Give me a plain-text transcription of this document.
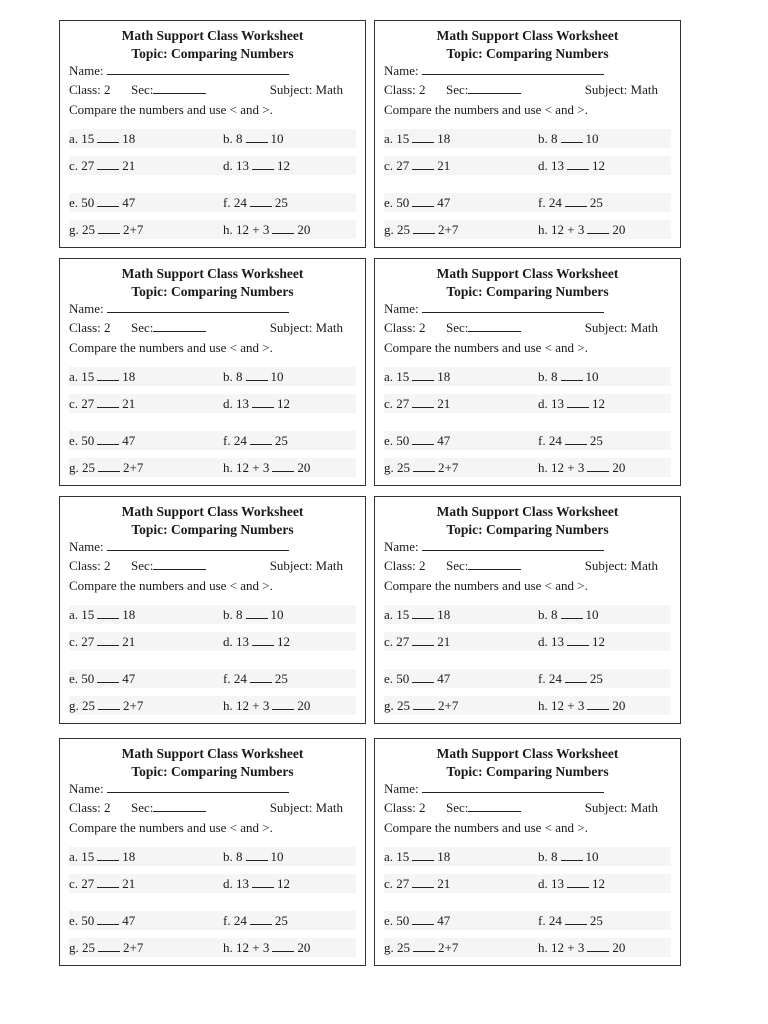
Math Support Class Worksheet
Topic: Comparing Numbers
Name:
Class: 2 Sec:	Subject: Math
Compare the numbers and use < and >.
a. 15 18	b. 8 10
c. 27 21	d. 13 12
e. 50 47	f. 24 25
g. 25 2+7	h. 12 + 3 20
Math Support Class Worksheet
Topic: Comparing Numbers
Name:
Class: 2 Sec:	Subject: Math
Compare the numbers and use < and >.
a. 15 18	b. 8 10
c. 27 21	d. 13 12
e. 50 47	f. 24 25
g. 25 2+7	h. 12 + 3 20
Math Support Class Worksheet
Topic: Comparing Numbers
Name:
Class: 2 Sec:	Subject: Math
Compare the numbers and use < and >.
a. 15 18	b. 8 10
c. 27 21	d. 13 12
e. 50 47	f. 24 25
g. 25 2+7	h. 12 + 3 20
Math Support Class Worksheet
Topic: Comparing Numbers
Name:
Class: 2 Sec:	Subject: Math
Compare the numbers and use < and >.
a. 15 18	b. 8 10
c. 27 21	d. 13 12
e. 50 47	f. 24 25
g. 25 2+7	h. 12 + 3 20
Math Support Class Worksheet
Topic: Comparing Numbers
Name:
Class: 2 Sec:	Subject: Math
Compare the numbers and use < and >.
a. 15 18	b. 8 10
c. 27 21	d. 13 12
e. 50 47	f. 24 25
g. 25 2+7	h. 12 + 3 20
Math Support Class Worksheet
Topic: Comparing Numbers
Name:
Class: 2 Sec:	Subject: Math
Compare the numbers and use < and >.
a. 15 18	b. 8 10
c. 27 21	d. 13 12
e. 50 47	f. 24 25
g. 25 2+7	h. 12 + 3 20
Math Support Class Worksheet
Topic: Comparing Numbers
Name:
Class: 2 Sec:	Subject: Math
Compare the numbers and use < and >.
a. 15 18	b. 8 10
c. 27 21	d. 13 12
e. 50 47	f. 24 25
g. 25 2+7	h. 12 + 3 20
Math Support Class Worksheet
Topic: Comparing Numbers
Name:
Class: 2 Sec:	Subject: Math
Compare the numbers and use < and >.
a. 15 18	b. 8 10
c. 27 21	d. 13 12
e. 50 47	f. 24 25
g. 25 2+7	h. 12 + 3 20
